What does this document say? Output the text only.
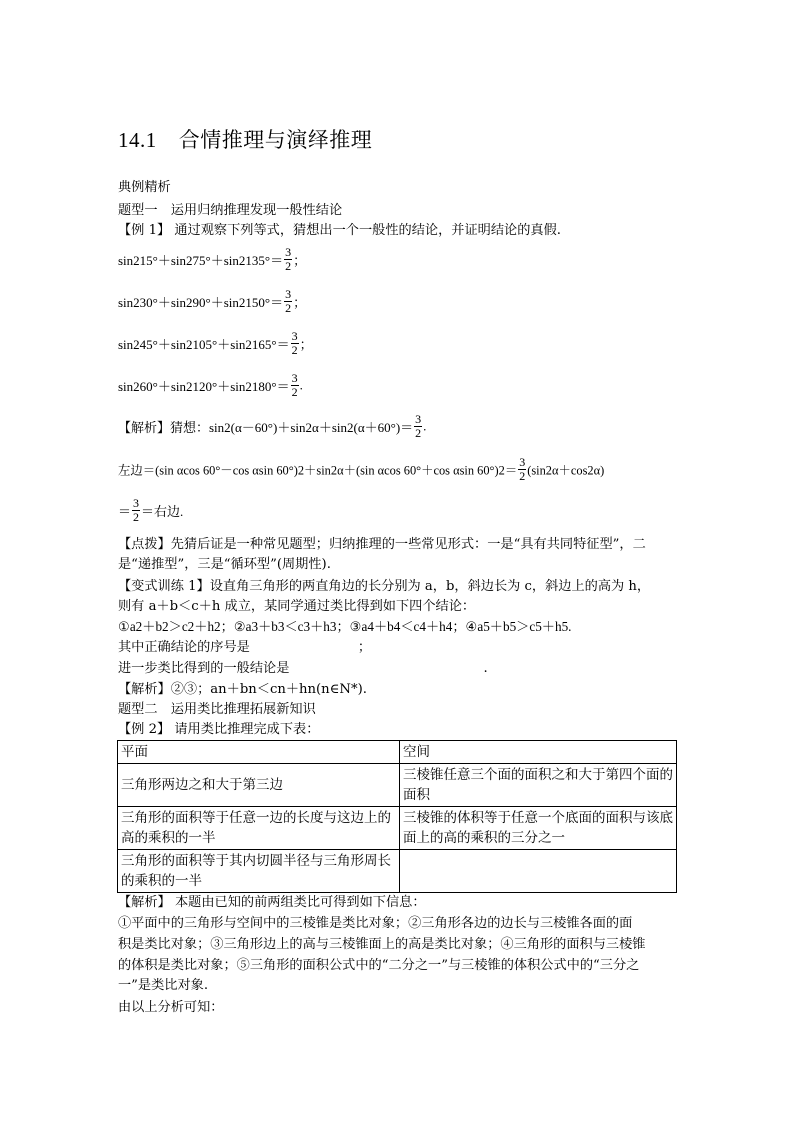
14.1 合情推理与演绎推理
典例精析
题型一　运用归纳推理发现一般性结论
【例 1】 通过观察下列等式，猜想出一个一般性的结论，并证明结论的真假.
$\sin 215^\circ+\sin 275^\circ+\sin 2135^\circ= \frac{3}{2}$ ；
$\sin 230^\circ+\sin 290^\circ+\sin 2150^\circ= \frac{3}{2}$ ；
$\sin 245^\circ+\sin 2105^\circ+\sin 2165^\circ= \frac{3}{2}$ ；
$\sin 260^\circ+\sin 2120^\circ+\sin 2180^\circ= \frac{3}{2}$ .
【解析】猜想：$\sin 2(\alpha-60^\circ)+\sin 2\alpha+\sin 2(\alpha+60^\circ)= \frac{3}{2}$ .
左边＝(sin αcos 60°－cos αsin 60°)2＋sin2α＋(sin αcos 60°＋cos αsin $60^\circ)2= \frac{3}{2} (\sin 2\alpha+\cos 2\alpha)$
＝ $\frac{3}{2}$ ＝右边.
【点拨】先猜后证是一种常见题型；归纳推理的一些常见形式：一是“具有共同特征型”，二
是“递推型”，三是“循环型”(周期性).
【变式训练 1】设直角三角形的两直角边的长分别为 a，b，斜边长为 c，斜边上的高为 h，
则有 a＋b＜c＋h 成立，某同学通过类比得到如下四个结论：
①a2＋b2＞c2＋h2；②a3＋b3＜c3＋h3；③a4＋b4＜c4＋h4；④a5＋b5＞c5＋h5.
其中正确结论的序号是	；
进一步类比得到的一般结论是	.
【解析】②③；an＋bn＜cn＋hn(n∈N*).
题型二　运用类比推理拓展新知识
【例 2】 请用类比推理完成下表：
平面	空间
三角形两边之和大于第三边	三棱锥任意三个面的面积之和大于第四个面的面积
三角形的面积等于任意一边的长度与这边上的高的乘积的一半	三棱锥的体积等于任意一个底面的面积与该底面上的高的乘积的三分之一
三角形的面积等于其内切圆半径与三角形周长的乘积的一半	
【解析】 本题由已知的前两组类比可得到如下信息：
①平面中的三角形与空间中的三棱锥是类比对象；②三角形各边的边长与三棱锥各面的面
积是类比对象；③三角形边上的高与三棱锥面上的高是类比对象；④三角形的面积与三棱锥
的体积是类比对象；⑤三角形的面积公式中的“二分之一”与三棱锥的体积公式中的“三分之
一”是类比对象.
由以上分析可知：
